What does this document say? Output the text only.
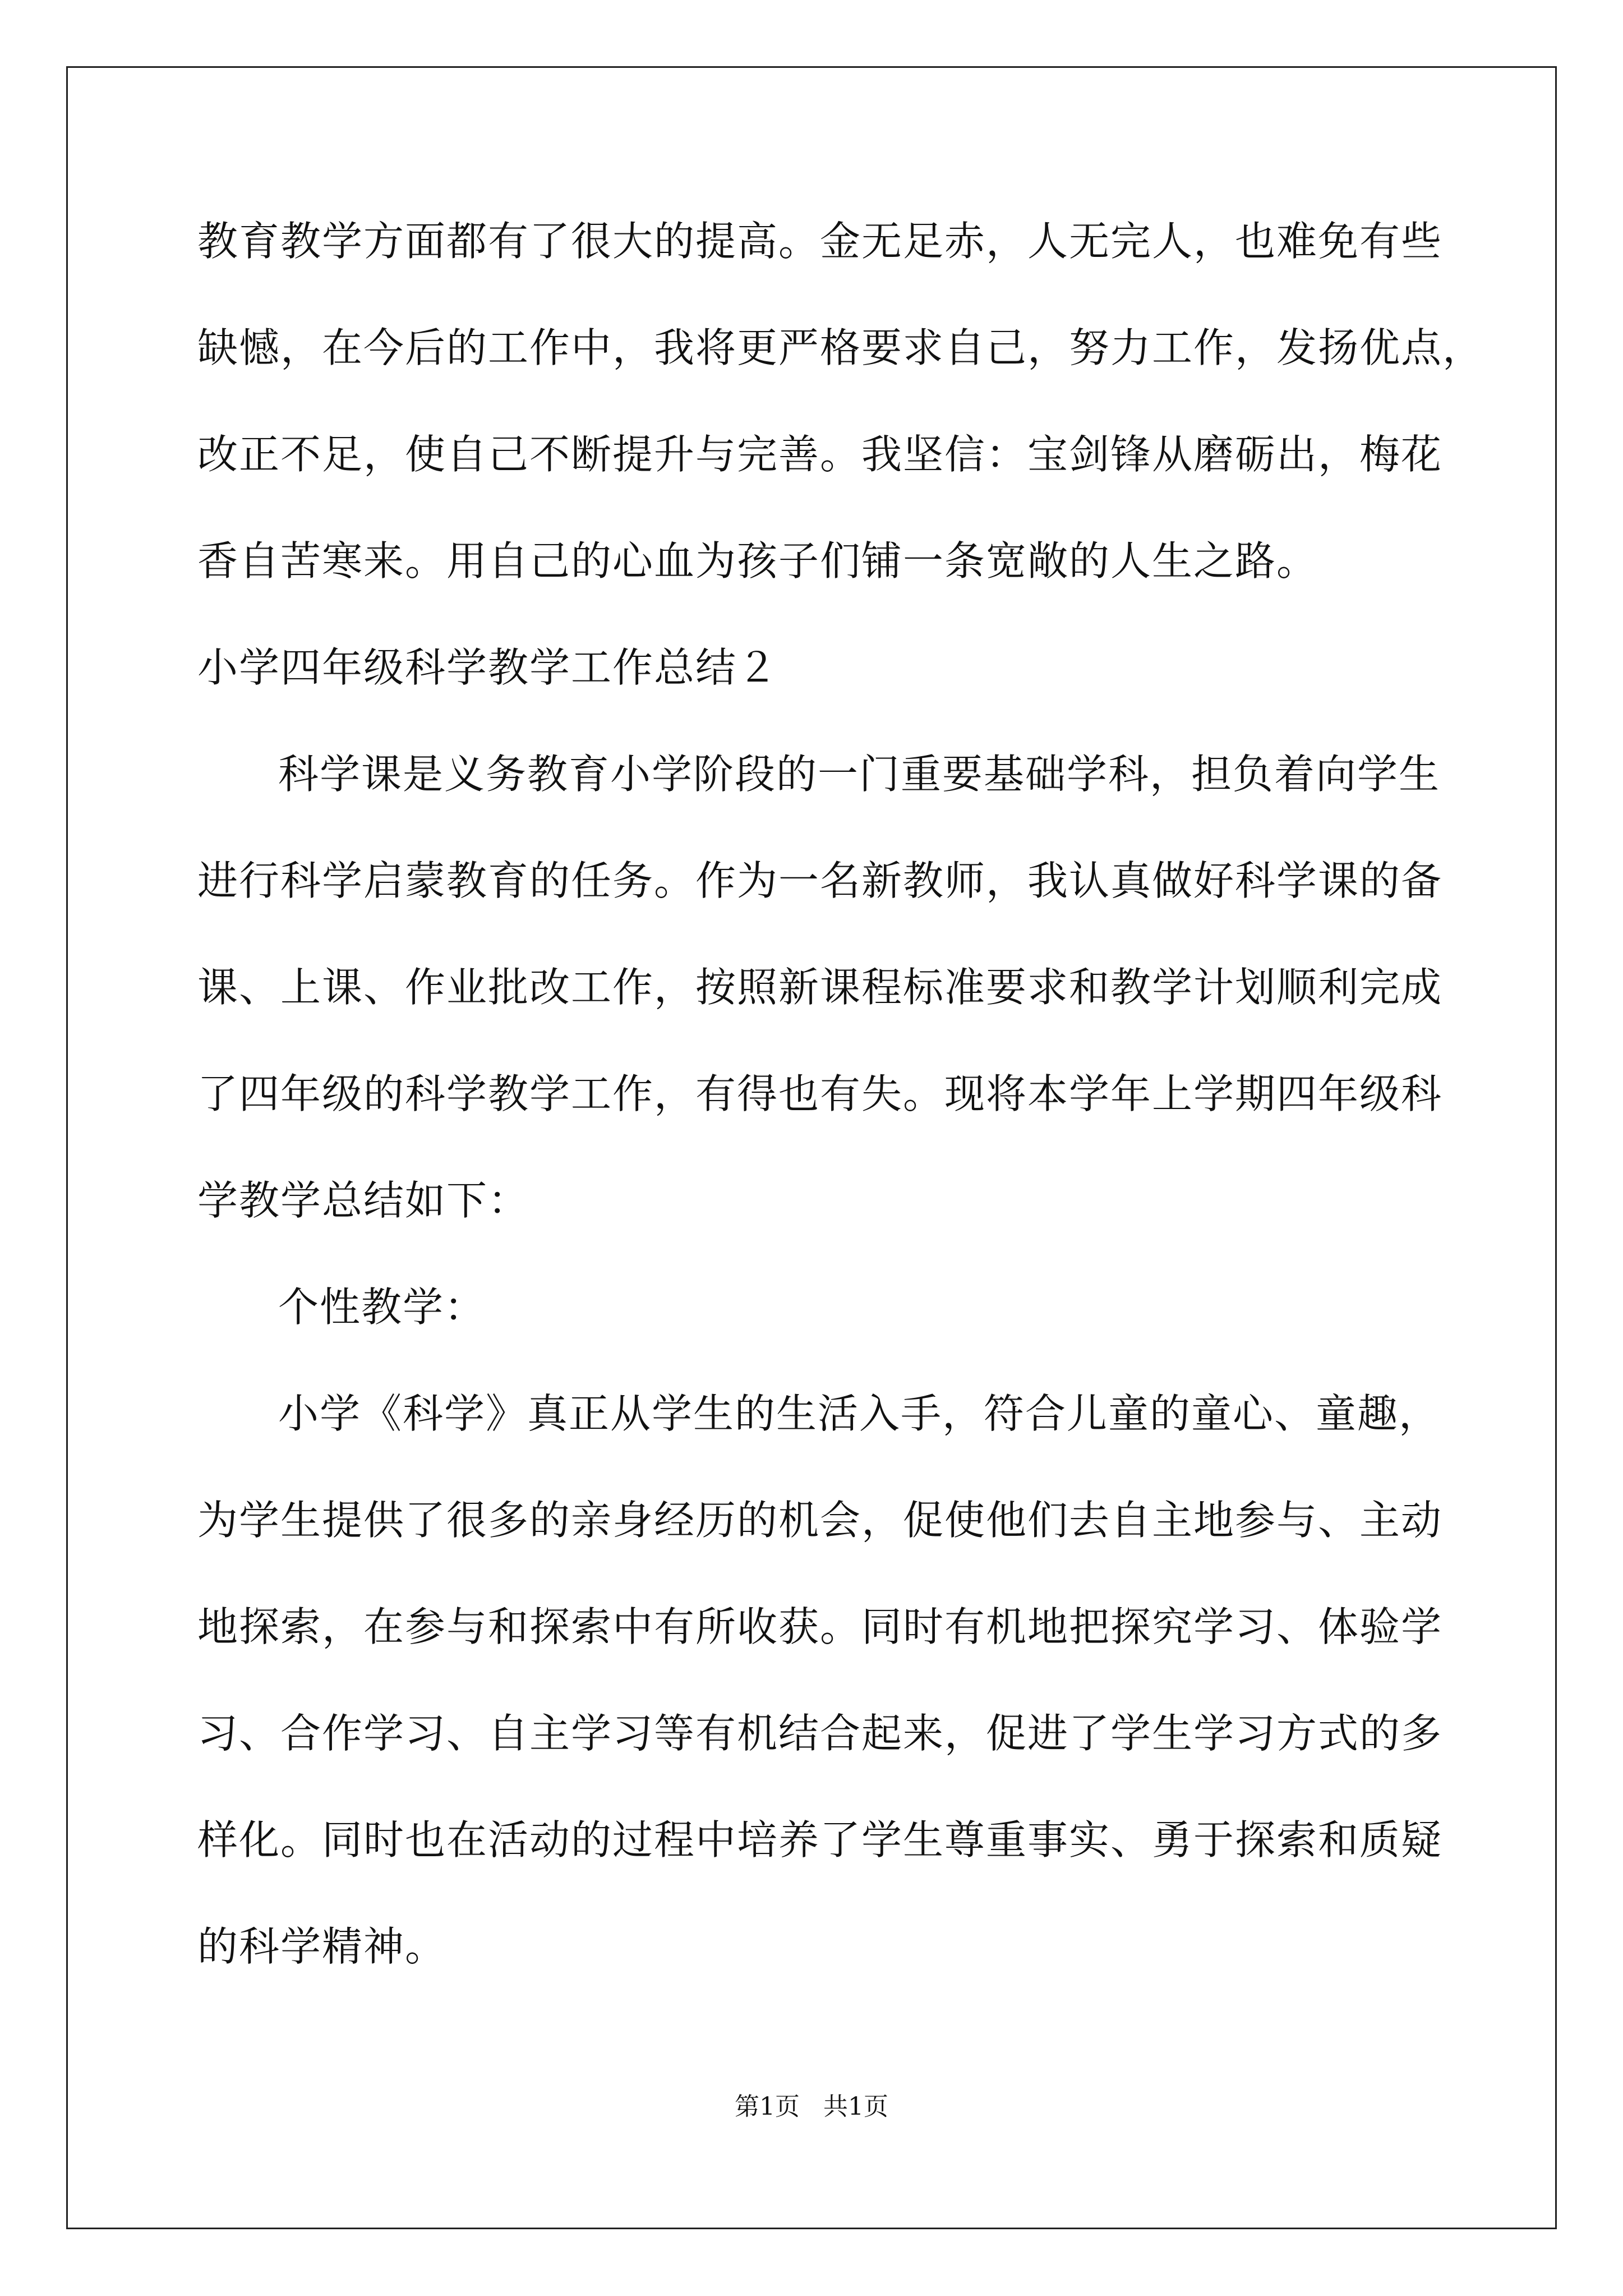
教育教学方面都有了很大的提高。金无足赤，人无完人，也难免有些
缺憾，在今后的工作中，我将更严格要求自己，努力工作，发扬优点，
改正不足，使自己不断提升与完善。我坚信：宝剑锋从磨砺出，梅花
香自苦寒来。用自己的心血为孩子们铺一条宽敞的人生之路。
小学四年级科学教学工作总结２
科学课是义务教育小学阶段的一门重要基础学科，担负着向学生
进行科学启蒙教育的任务。作为一名新教师，我认真做好科学课的备
课、上课、作业批改工作，按照新课程标准要求和教学计划顺利完成
了四年级的科学教学工作，有得也有失。现将本学年上学期四年级科
学教学总结如下：
个性教学：
小学《科学》真正从学生的生活入手，符合儿童的童心、童趣，
为学生提供了很多的亲身经历的机会，促使他们去自主地参与、主动
地探索，在参与和探索中有所收获。同时有机地把探究学习、体验学
习、合作学习、自主学习等有机结合起来，促进了学生学习方式的多
样化。同时也在活动的过程中培养了学生尊重事实、勇于探索和质疑
的科学精神。
第1页   共1页
